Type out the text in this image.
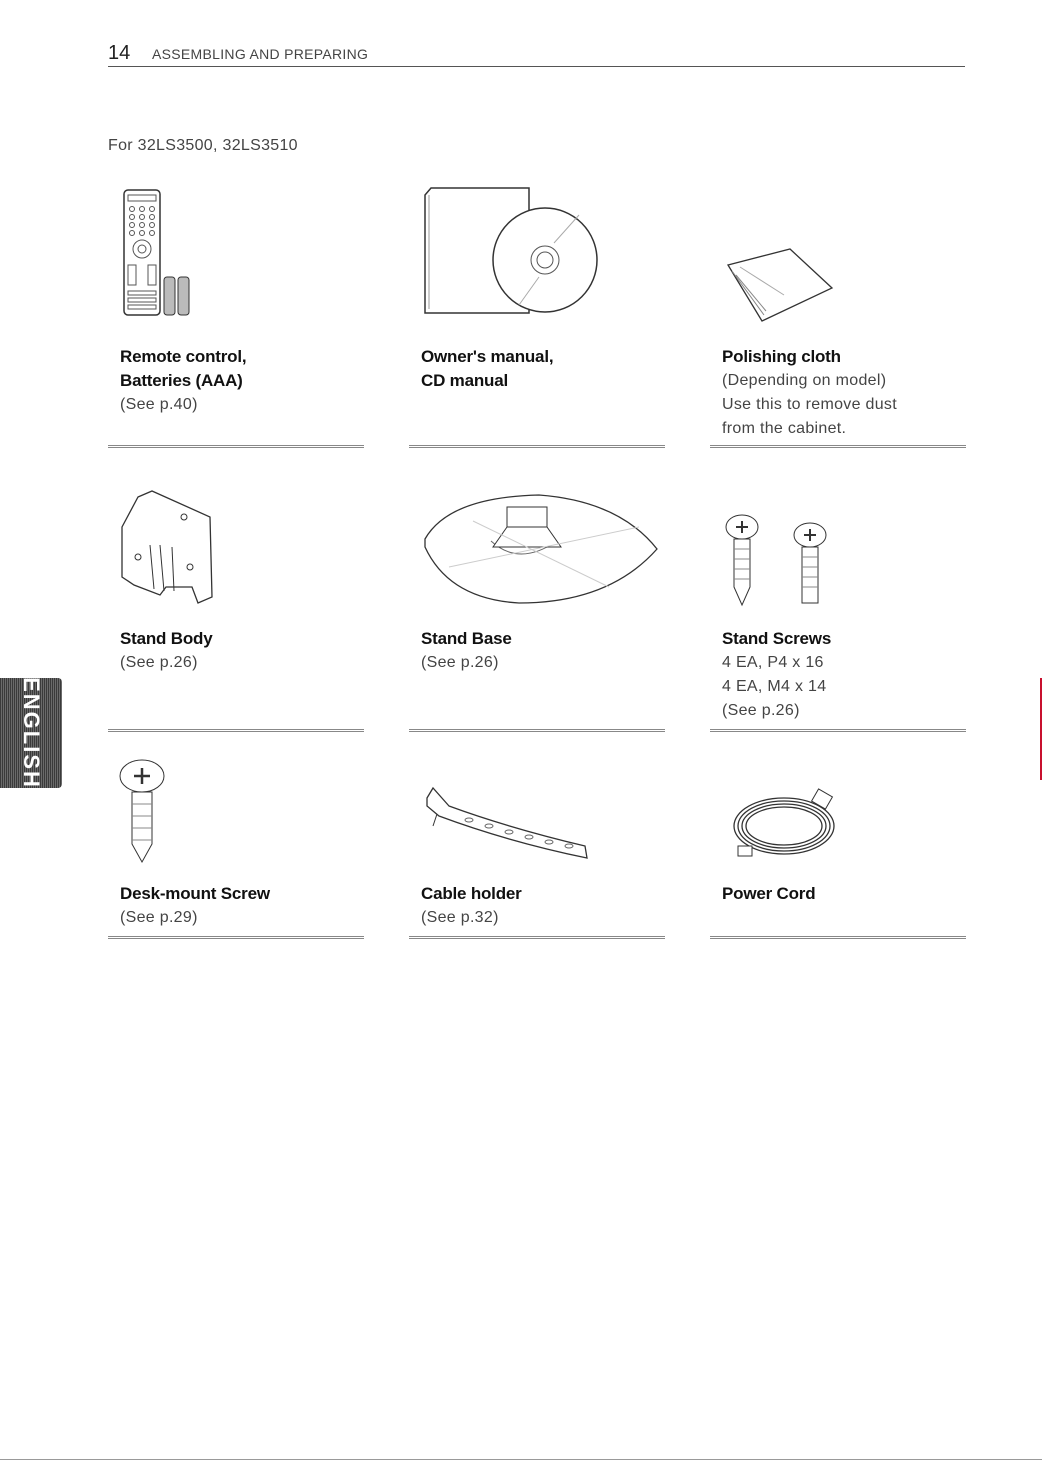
14 ASSEMBLING AND PREPARING
For 32LS3500, 32LS3510
Remote control,
Batteries (AAA)
(See p.40)
Owner's manual,
CD manual
Polishing cloth
(Depending on model)
Use this to remove dust
from the cabinet.
Stand Body
(See p.26)
Stand Base
(See p.26)
Stand Screws
4 EA, P4 x 16
4 EA, M4 x 14
(See p.26)
Desk-mount Screw
(See p.29)
Cable holder
(See p.32)
Power Cord
ENGLISH
